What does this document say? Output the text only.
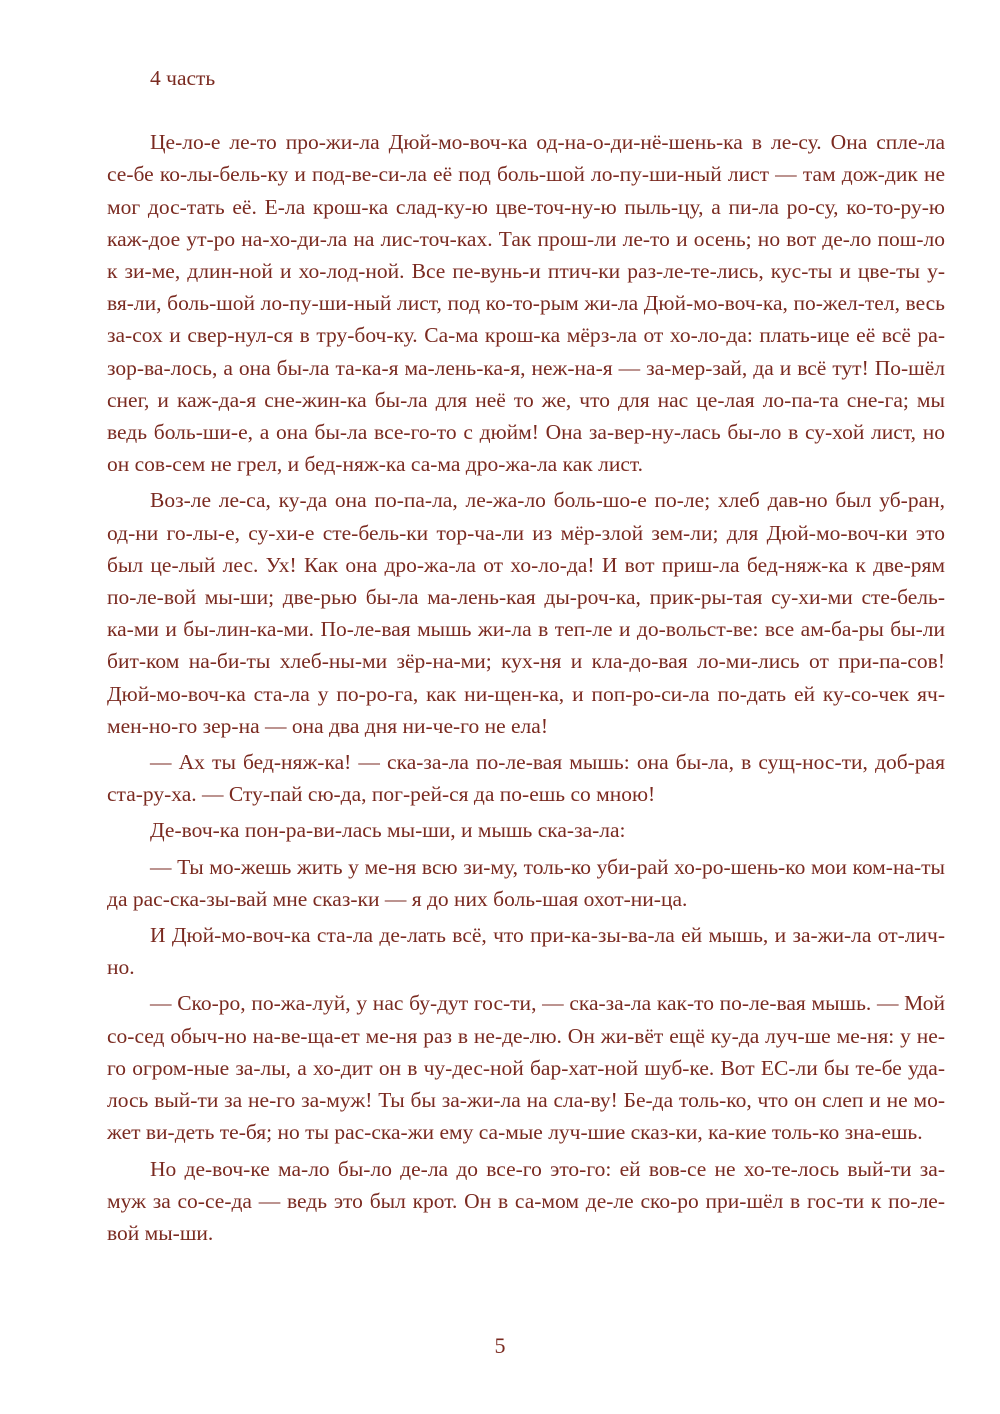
4 часть

Це-ло-е ле-то про-жи-ла Дюй-мо-воч-ка од-на-о-ди-нё-шень-ка в ле-су. Она спле-ла се-бе ко-лы-бель-ку и под-ве-си-ла её под боль-шой ло-пу-ши-ный лист — там дож-дик не мог дос-тать её. Е-ла крош-ка слад-ку-ю цве-точ-ну-ю пыль-цу, а пи-ла ро-су, ко-то-ру-ю каж-дое ут-ро на-хо-ди-ла на лис-точ-ках. Так прош-ли ле-то и осень; но вот де-ло пош-ло к зи-ме, длин-ной и хо-лод-ной. Все пе-вунь-и птич-ки раз-ле-те-лись, кус-ты и цве-ты у-вя-ли, боль-шой ло-пу-ши-ный лист, под ко-то-рым жи-ла Дюй-мо-воч-ка, по-жел-тел, весь за-сох и свер-нул-ся в тру-боч-ку. Са-ма крош-ка мёрз-ла от хо-ло-да: плать-ице её всё ра-зор-ва-лось, а она бы-ла та-ка-я ма-лень-ка-я, неж-на-я — за-мер-зай, да и всё тут! По-шёл снег, и каж-да-я сне-жин-ка бы-ла для неё то же, что для нас це-лая ло-па-та сне-га; мы ведь боль-ши-е, а она бы-ла все-го-то с дюйм! Она за-вер-ну-лась бы-ло в су-хой лист, но он сов-сем не грел, и бед-няж-ка са-ма дро-жа-ла как лист.

Воз-ле ле-са, ку-да она по-па-ла, ле-жа-ло боль-шо-е по-ле; хлеб дав-но был уб-ран, од-ни го-лы-е, су-хи-е сте-бель-ки тор-ча-ли из мёр-злой зем-ли; для Дюй-мо-воч-ки это был це-лый лес. Ух! Как она дро-жа-ла от хо-ло-да! И вот приш-ла бед-няж-ка к две-рям по-ле-вой мы-ши; две-рью бы-ла ма-лень-кая ды-роч-ка, прик-ры-тая су-хи-ми сте-бель-ка-ми и бы-лин-ка-ми. По-ле-вая мышь жи-ла в теп-ле и до-вольст-ве: все ам-ба-ры бы-ли бит-ком на-би-ты хлеб-ны-ми зёр-на-ми; кух-ня и кла-до-вая ло-ми-лись от при-па-сов! Дюй-мо-воч-ка ста-ла у по-ро-га, как ни-щен-ка, и поп-ро-си-ла по-дать ей ку-со-чек яч-мен-но-го зер-на — она два дня ни-че-го не ела!

— Ах ты бед-няж-ка! — ска-за-ла по-ле-вая мышь: она бы-ла, в сущ-нос-ти, доб-рая ста-ру-ха. — Сту-пай сю-да, пог-рей-ся да по-ешь со мною!

Де-воч-ка пон-ра-ви-лась мы-ши, и мышь ска-за-ла:

— Ты мо-жешь жить у ме-ня всю зи-му, толь-ко уби-рай хо-ро-шень-ко мои ком-на-ты да рас-ска-зы-вай мне сказ-ки — я до них боль-шая охот-ни-ца.

И Дюй-мо-воч-ка ста-ла де-лать всё, что при-ка-зы-ва-ла ей мышь, и за-жи-ла от-лич-но.

— Ско-ро, по-жа-луй, у нас бу-дут гос-ти, — ска-за-ла как-то по-ле-вая мышь. — Мой со-сед обыч-но на-ве-ща-ет ме-ня раз в не-де-лю. Он жи-вёт ещё ку-да луч-ше ме-ня: у не-го огром-ные за-лы, а хо-дит он в чу-дес-ной бар-хат-ной шуб-ке. Вот ЕС-ли бы те-бе уда-лось вый-ти за не-го за-муж! Ты бы за-жи-ла на сла-ву! Бе-да толь-ко, что он слеп и не мо-жет ви-деть те-бя; но ты рас-ска-жи ему са-мые луч-шие сказ-ки, ка-кие толь-ко зна-ешь.

Но де-воч-ке ма-ло бы-ло де-ла до все-го это-го: ей вов-се не хо-те-лось вый-ти за-муж за со-се-да — ведь это был крот. Он в са-мом де-ле ско-ро при-шёл в гос-ти к по-ле-вой мы-ши.

5
